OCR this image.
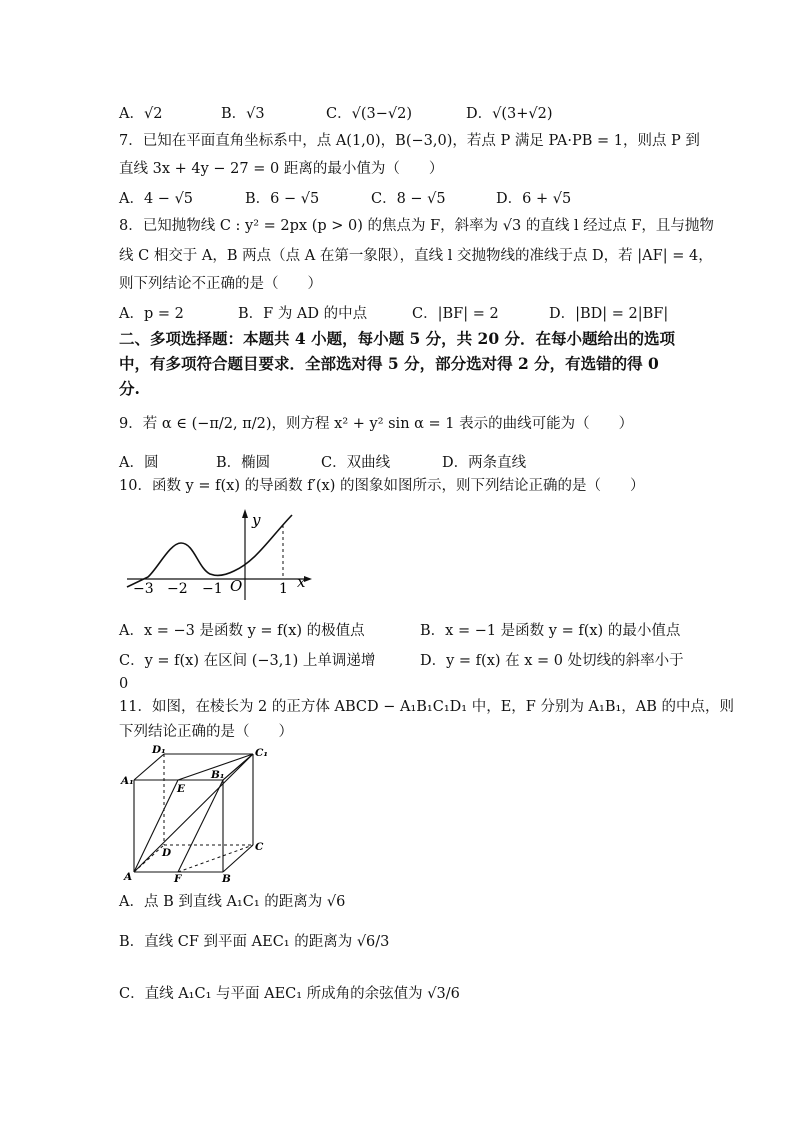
A．√2	B．√3	C．√(3−√2)	D．√(3+√2)
7．已知在平面直角坐标系中，点 A(1,0)，B(−3,0)，若点 P 满足 PA·PB = 1，则点 P 到
直线 3x + 4y − 27 = 0 距离的最小值为（　　）
A．4 − √5	B．6 − √5	C．8 − √5	D．6 + √5
8．已知抛物线 C : y² = 2px (p > 0) 的焦点为 F，斜率为 √3 的直线 l 经过点 F，且与抛物
线 C 相交于 A，B 两点（点 A 在第一象限），直线 l 交抛物线的准线于点 D，若 |AF| = 4，
则下列结论不正确的是（　　）
A．p = 2	B．F 为 AD 的中点	C．|BF| = 2	D．|BD| = 2|BF|
二、多项选择题：本题共 4 小题，每小题 5 分，共 20 分．在每小题给出的选项
中，有多项符合题目要求．全部选对得 5 分，部分选对得 2 分，有选错的得 0
分.
9．若 α ∈ (−π/2, π/2)，则方程 x² + y² sin α = 1 表示的曲线可能为（　　）
A．圆	B．椭圆	C．双曲线	D．两条直线
10．函数 y = f(x) 的导函数 f′(x) 的图象如图所示，则下列结论正确的是（　　）
y
x
O
−3 −2 −1	1
A．x = −3 是函数 y = f(x) 的极值点	B．x = −1 是函数 y = f(x) 的最小值点
C．y = f(x) 在区间 (−3,1) 上单调递增	D．y = f(x) 在 x = 0 处切线的斜率小于
0
11．如图，在棱长为 2 的正方体 ABCD − A₁B₁C₁D₁ 中，E，F 分别为 A₁B₁，AB 的中点，则
下列结论正确的是（　　）
D₁	C₁
A₁
E
B₁
D	C
A	F	B
A．点 B 到直线 A₁C₁ 的距离为 √6
B．直线 CF 到平面 AEC₁ 的距离为 √6/3
C．直线 A₁C₁ 与平面 AEC₁ 所成角的余弦值为 √3/6
